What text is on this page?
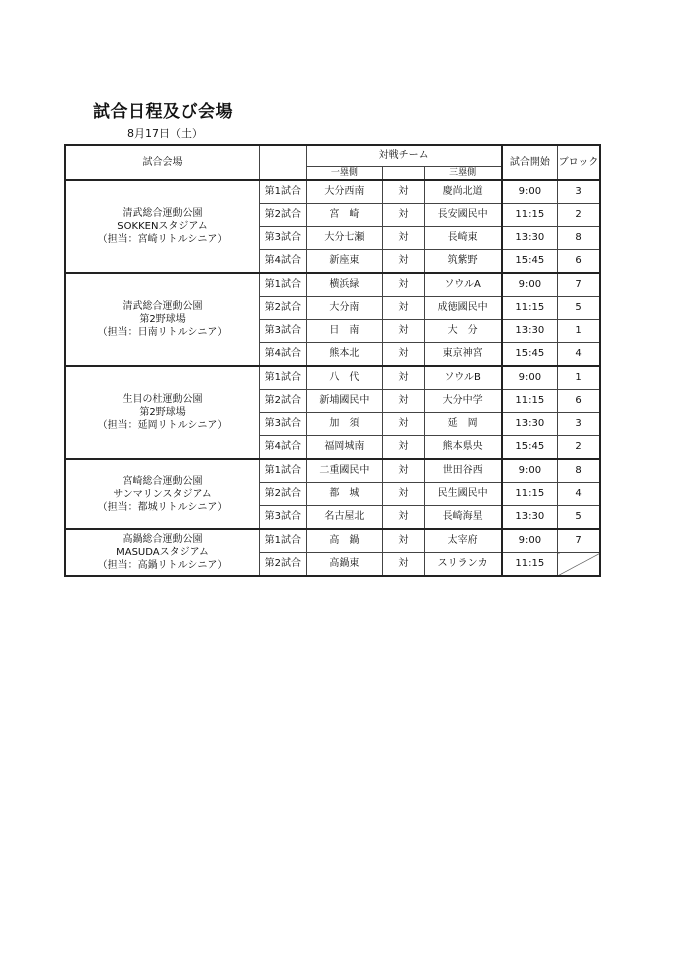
試合日程及び会場
8月17日（土）
試合会場		対戦チーム			試合開始	ブロック
		一塁側		三塁側		

清武総合運動公園
SOKKENスタジアム
（担当：宮崎リトルシニア）	第1試合	大分西南	対	慶尚北道	9:00	3
	第2試合	宮　崎	対	長安國民中	11:15	2
	第3試合	大分七瀬	対	長崎東	13:30	8
	第4試合	新座東	対	筑紫野	15:45	6

清武総合運動公園
第2野球場
（担当：日南リトルシニア）	第1試合	横浜緑	対	ソウルA	9:00	7
	第2試合	大分南	対	成徳國民中	11:15	5
	第3試合	日　南	対	大　分	13:30	1
	第4試合	熊本北	対	東京神宮	15:45	4

生目の杜運動公園
第2野球場
（担当：延岡リトルシニア）	第1試合	八　代	対	ソウルB	9:00	1
	第2試合	新埔國民中	対	大分中学	11:15	6
	第3試合	加　須	対	延　岡	13:30	3
	第4試合	福岡城南	対	熊本県央	15:45	2

宮崎総合運動公園
サンマリンスタジアム
（担当：都城リトルシニア）	第1試合	二重國民中	対	世田谷西	9:00	8
	第2試合	都　城	対	民生國民中	11:15	4
	第3試合	名古屋北	対	長崎海星	13:30	5

高鍋総合運動公園
MASUDAスタジアム
（担当：高鍋リトルシニア）	第1試合	高　鍋	対	太宰府	9:00	7
	第2試合	高鍋東	対	スリランカ	11:15	
